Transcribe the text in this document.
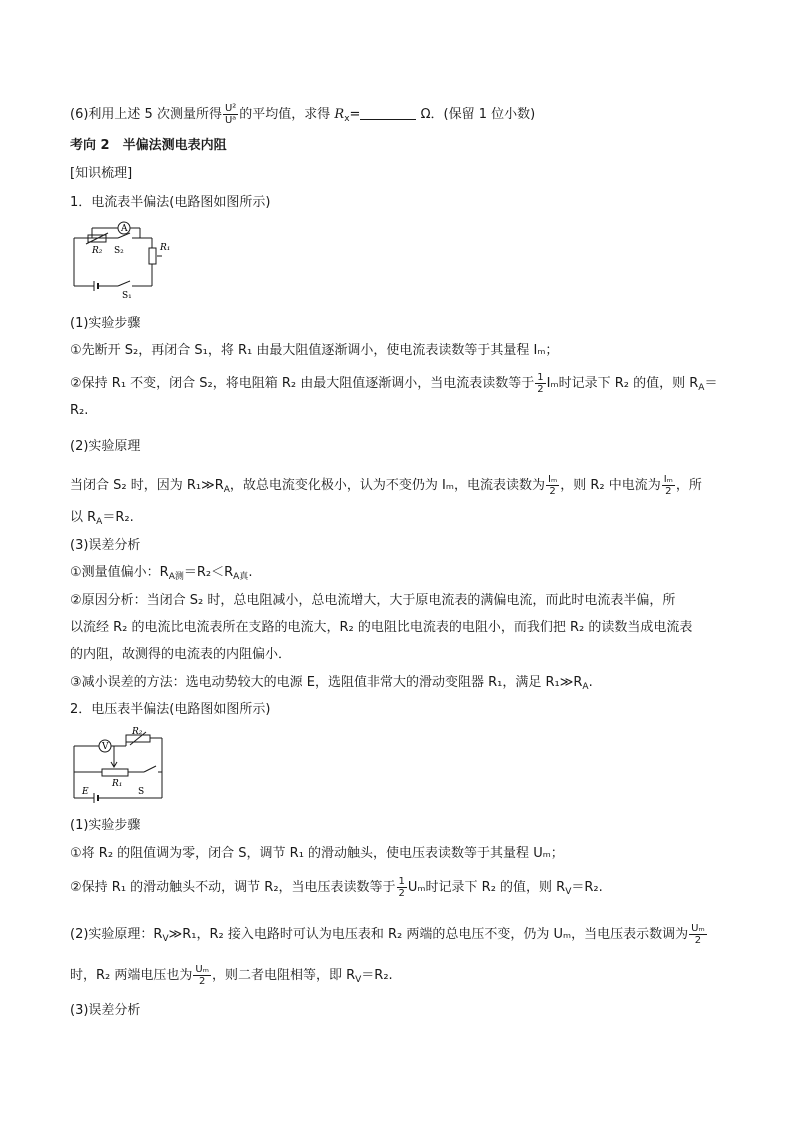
(6)利用上述 5 次测量所得 $\frac{\text{U²}}{\text{Uᵃ}}$ 的平均值，求得 $R_x=$	Ω．(保留 1 位小数)
考向 2　半偏法测电表内阻
[知识梳理]
1．电流表半偏法(电路图如图所示)
A
R₂ S₂	R₁
S₁
(1)实验步骤
①先断开 S₂，再闭合 S₁，将 R₁ 由最大阻值逐渐调小，使电流表读数等于其量程 Iₘ；
②保持 R₁ 不变，闭合 S₂，将电阻箱 R₂ 由最大阻值逐渐调小，当电流表读数等于 $\frac{1}{2}$ Iₘ时记录下 R₂ 的值，则 $R_A=$
R₂.
(2)实验原理
当闭合 S₂ 时，因为 $R_1≫R_A$，故总电流变化极小，认为不变仍为 Iₘ，电流表读数为 $\frac{\text{Iₘ}}{2}$ ，则 R₂ 中电流为 $\frac{\text{Iₘ}}{2}$ ，所
以 $R_A=R_2$.
(3)误差分析
①测量值偏小：$R_{A测}=R_2<R_{A真}$.
②原因分析：当闭合 S₂ 时，总电阻减小，总电流增大，大于原电流表的满偏电流，而此时电流表半偏，所
以流经 R₂ 的电流比电流表所在支路的电流大，R₂ 的电阻比电流表的电阻小，而我们把 R₂ 的读数当成电流表
的内阻，故测得的电流表的内阻偏小．
③减小误差的方法：选电动势较大的电源 E，选阻值非常大的滑动变阻器 R₁，满足 $R_1≫R_A$.
2．电压表半偏法(电路图如图所示)
V
R₂
R₁
E	S
(1)实验步骤
①将 R₂ 的阻值调为零，闭合 S，调节 R₁ 的滑动触头，使电压表读数等于其量程 Uₘ；
②保持 R₁ 的滑动触头不动，调节 R₂，当电压表读数等于 $\frac{1}{2}$ Uₘ时记录下 R₂ 的值，则 $R_V=R_2$.
(2)实验原理：$R_V≫R_1$，R₂ 接入电路时可认为电压表和 R₂ 两端的总电压不变，仍为 Uₘ，当电压表示数调为 $\frac{\text{Uₘ}}{2}$
时，R₂ 两端电压也为 $\frac{\text{Uₘ}}{2}$ ，则二者电阻相等，即 $R_V=R_2$.
(3)误差分析
